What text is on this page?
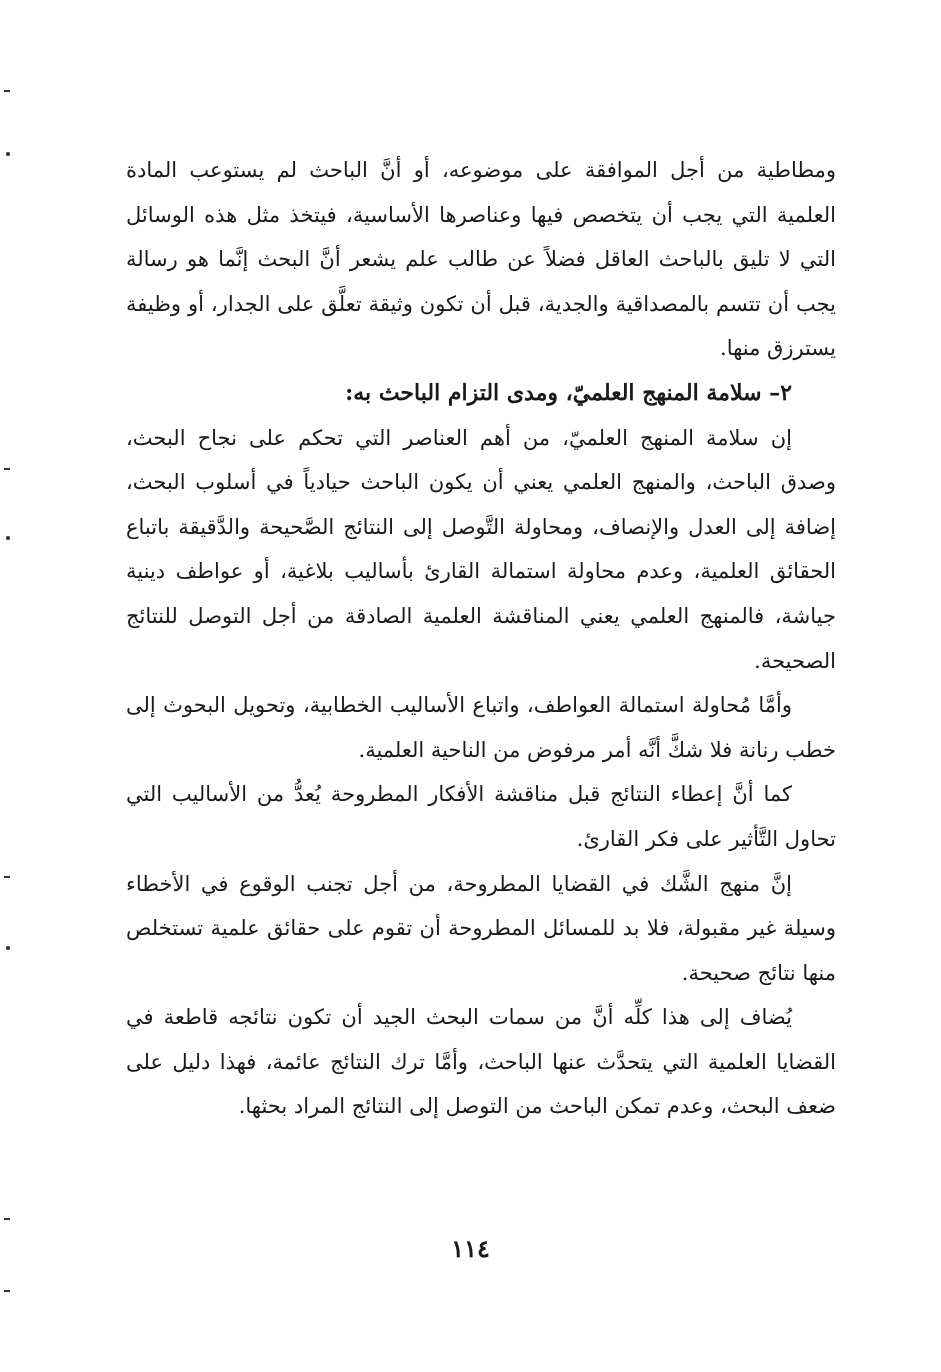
ومطاطية من أجل الموافقة على موضوعه، أو أنَّ الباحث لم يستوعب المادة العلمية التي يجب أن يتخصص فيها وعناصرها الأساسية، فيتخذ مثل هذه الوسائل التي لا تليق بالباحث العاقل فضلاً عن طالب علم يشعر أنَّ البحث إنَّما هو رسالة يجب أن تتسم بالمصداقية والجدية، قبل أن تكون وثيقة تعلَّق على الجدار، أو وظيفة يسترزق منها.

٢– سلامة المنهج العلميّ، ومدى التزام الباحث به:

إن سلامة المنهج العلميّ، من أهم العناصر التي تحكم على نجاح البحث، وصدق الباحث، والمنهج العلمي يعني أن يكون الباحث حيادياً في أسلوب البحث، إضافة إلى العدل والإنصاف، ومحاولة التَّوصل إلى النتائج الصَّحيحة والدَّقيقة باتباع الحقائق العلمية، وعدم محاولة استمالة القارئ بأساليب بلاغية، أو عواطف دينية جياشة، فالمنهج العلمي يعني المناقشة العلمية الصادقة من أجل التوصل للنتائج الصحيحة.

وأمَّا مُحاولة استمالة العواطف، واتباع الأساليب الخطابية، وتحويل البحوث إلى خطب رنانة فلا شكَّ أنَّه أمر مرفوض من الناحية العلمية.

كما أنَّ إعطاء النتائج قبل مناقشة الأفكار المطروحة يُعدُّ من الأساليب التي تحاول التَّأثير على فكر القارئ.

إنَّ منهج الشَّك في القضايا المطروحة، من أجل تجنب الوقوع في الأخطاء وسيلة غير مقبولة، فلا بد للمسائل المطروحة أن تقوم على حقائق علمية تستخلص منها نتائج صحيحة.

يُضاف إلى هذا كلِّه أنَّ من سمات البحث الجيد أن تكون نتائجه قاطعة في القضايا العلمية التي يتحدَّث عنها الباحث، وأمَّا ترك النتائج عائمة، فهذا دليل على ضعف البحث، وعدم تمكن الباحث من التوصل إلى النتائج المراد بحثها.

١١٤
